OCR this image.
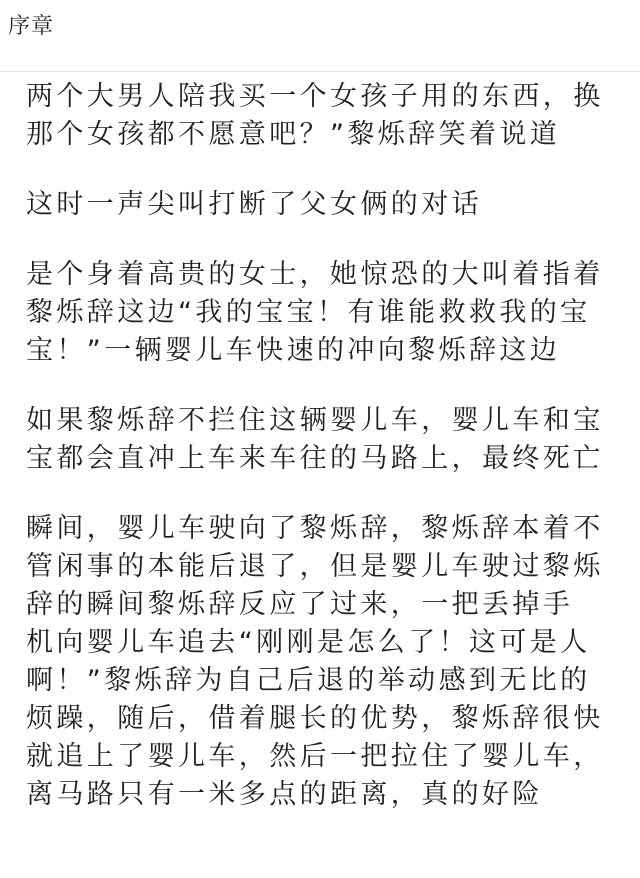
序章
两个大男人陪我买一个女孩子用的东西，换
那个女孩都不愿意吧？”黎烁辞笑着说道
这时一声尖叫打断了父女俩的对话
是个身着高贵的女士，她惊恐的大叫着指着
黎烁辞这边“我的宝宝！有谁能救救我的宝
宝！”一辆婴儿车快速的冲向黎烁辞这边
如果黎烁辞不拦住这辆婴儿车，婴儿车和宝
宝都会直冲上车来车往的马路上，最终死亡
瞬间，婴儿车驶向了黎烁辞，黎烁辞本着不
管闲事的本能后退了，但是婴儿车驶过黎烁
辞的瞬间黎烁辞反应了过来，一把丢掉手
机向婴儿车追去“刚刚是怎么了！这可是人
啊！”黎烁辞为自己后退的举动感到无比的
烦躁，随后，借着腿长的优势，黎烁辞很快
就追上了婴儿车，然后一把拉住了婴儿车，
离马路只有一米多点的距离，真的好险
